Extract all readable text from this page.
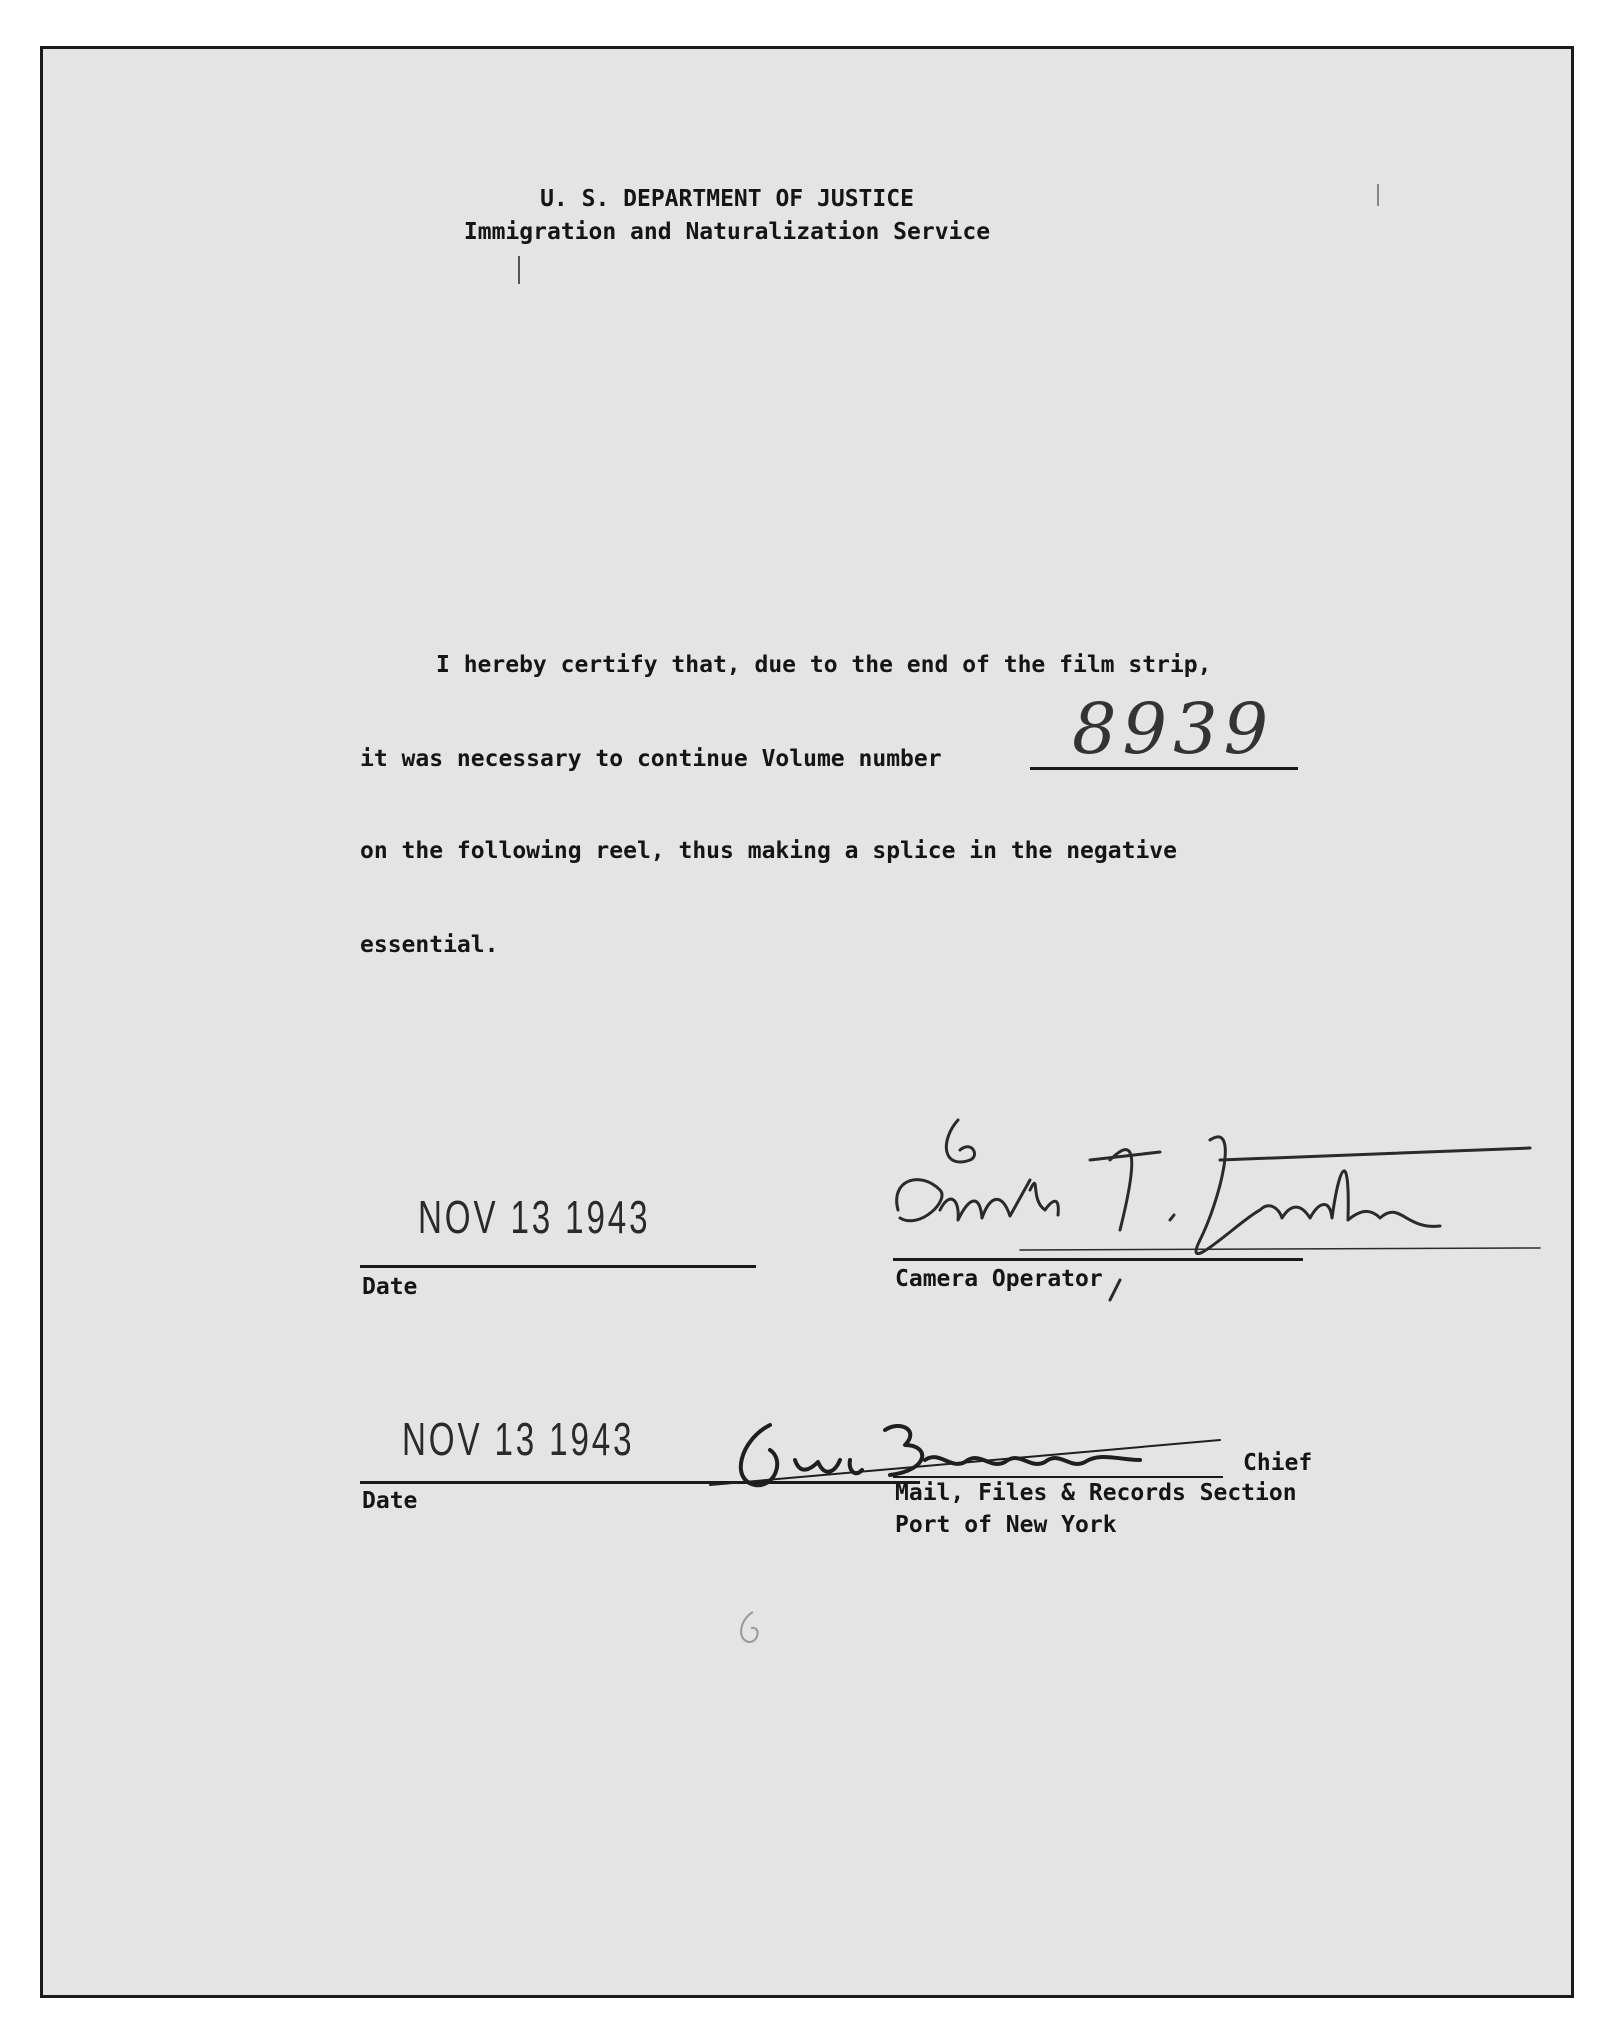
U. S. DEPARTMENT OF JUSTICE
Immigration and Naturalization Service
I hereby certify that, due to the end of the film strip,
it was necessary to continue Volume number 8939
on the following reel, thus making a splice in the negative
essential.
NOV 13 1943
Date	Camera Operator
NOV 13 1943
Date
Chief
Mail, Files & Records Section
Port of New York
